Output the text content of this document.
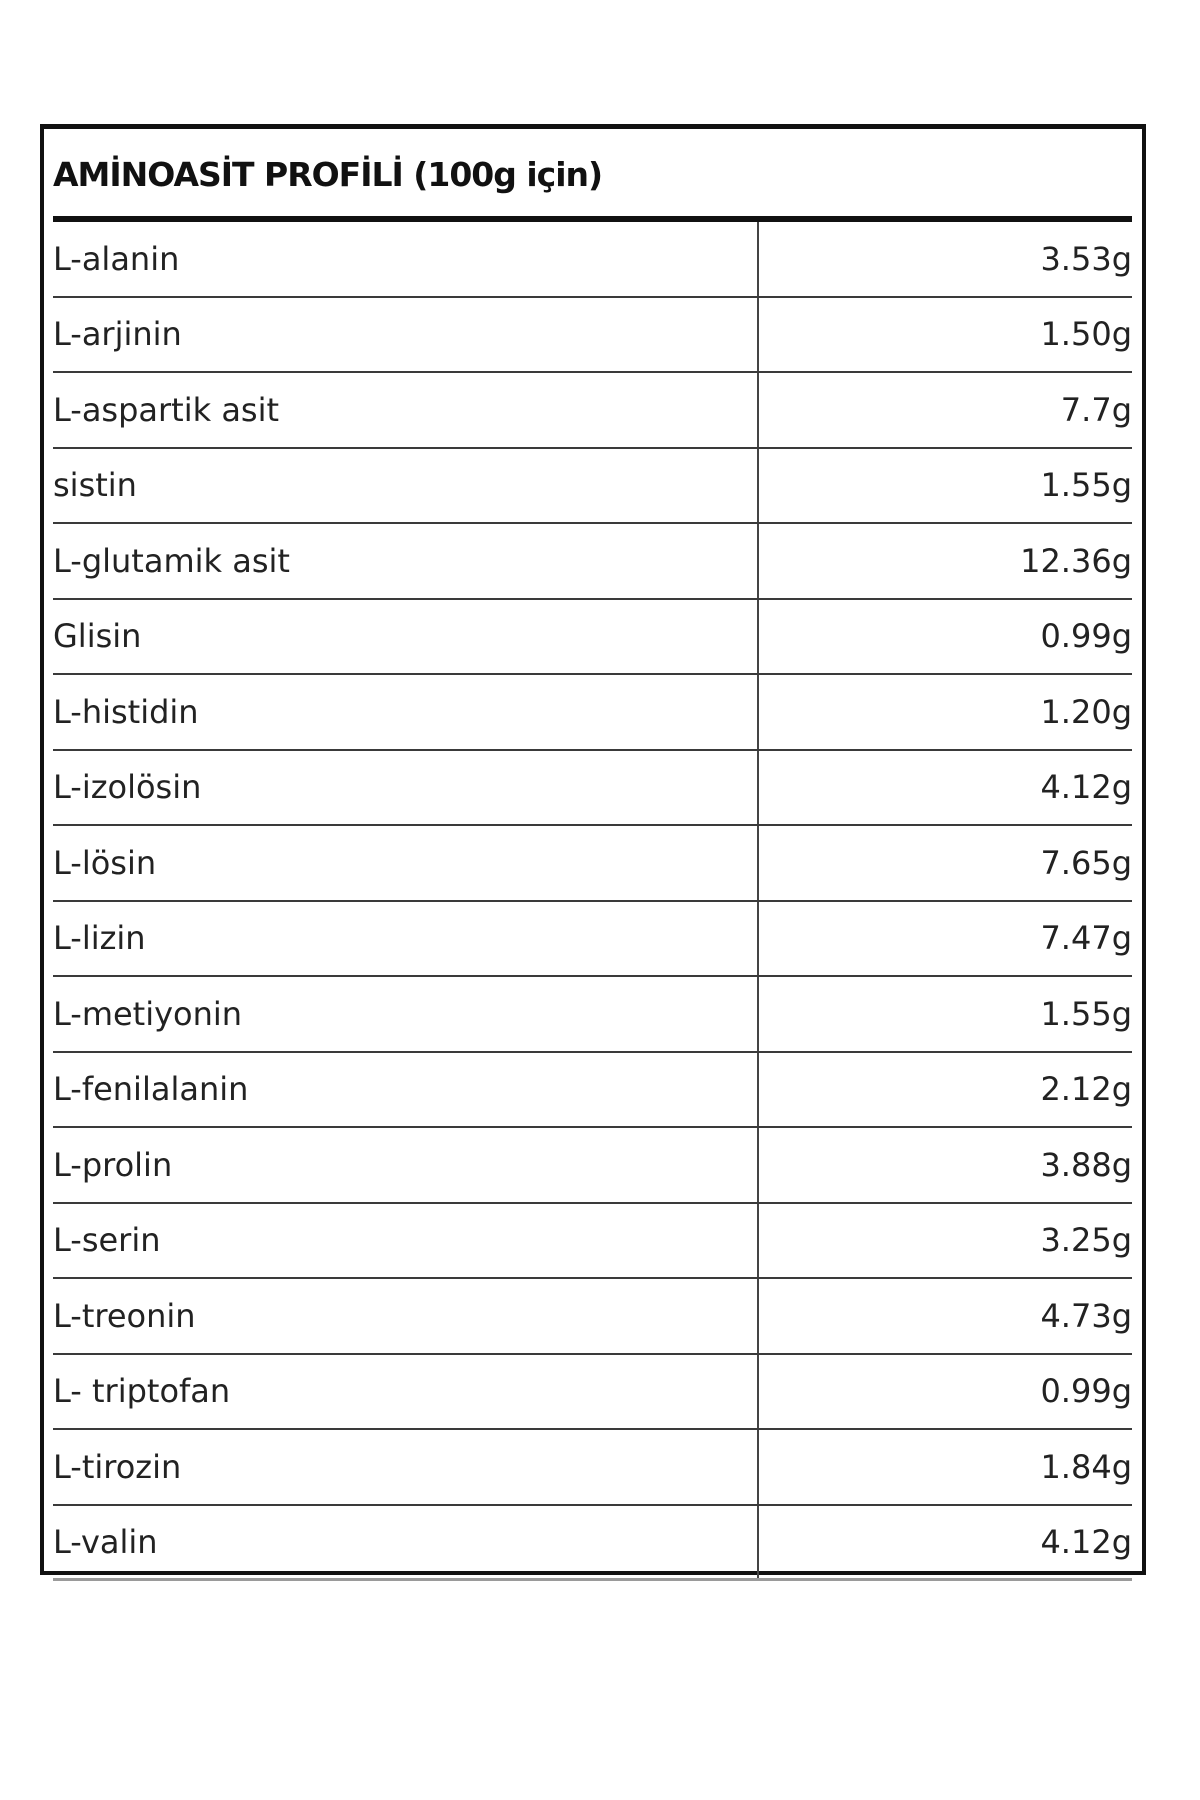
AMİNOASİT PROFİLİ (100g için)
L-alanin	3.53g
L-arjinin	1.50g
L-aspartik asit	7.7g
sistin	1.55g
L-glutamik asit	12.36g
Glisin	0.99g
L-histidin	1.20g
L-izolösin	4.12g
L-lösin	7.65g
L-lizin	7.47g
L-metiyonin	1.55g
L-fenilalanin	2.12g
L-prolin	3.88g
L-serin	3.25g
L-treonin	4.73g
L- triptofan	0.99g
L-tirozin	1.84g
L-valin	4.12g
